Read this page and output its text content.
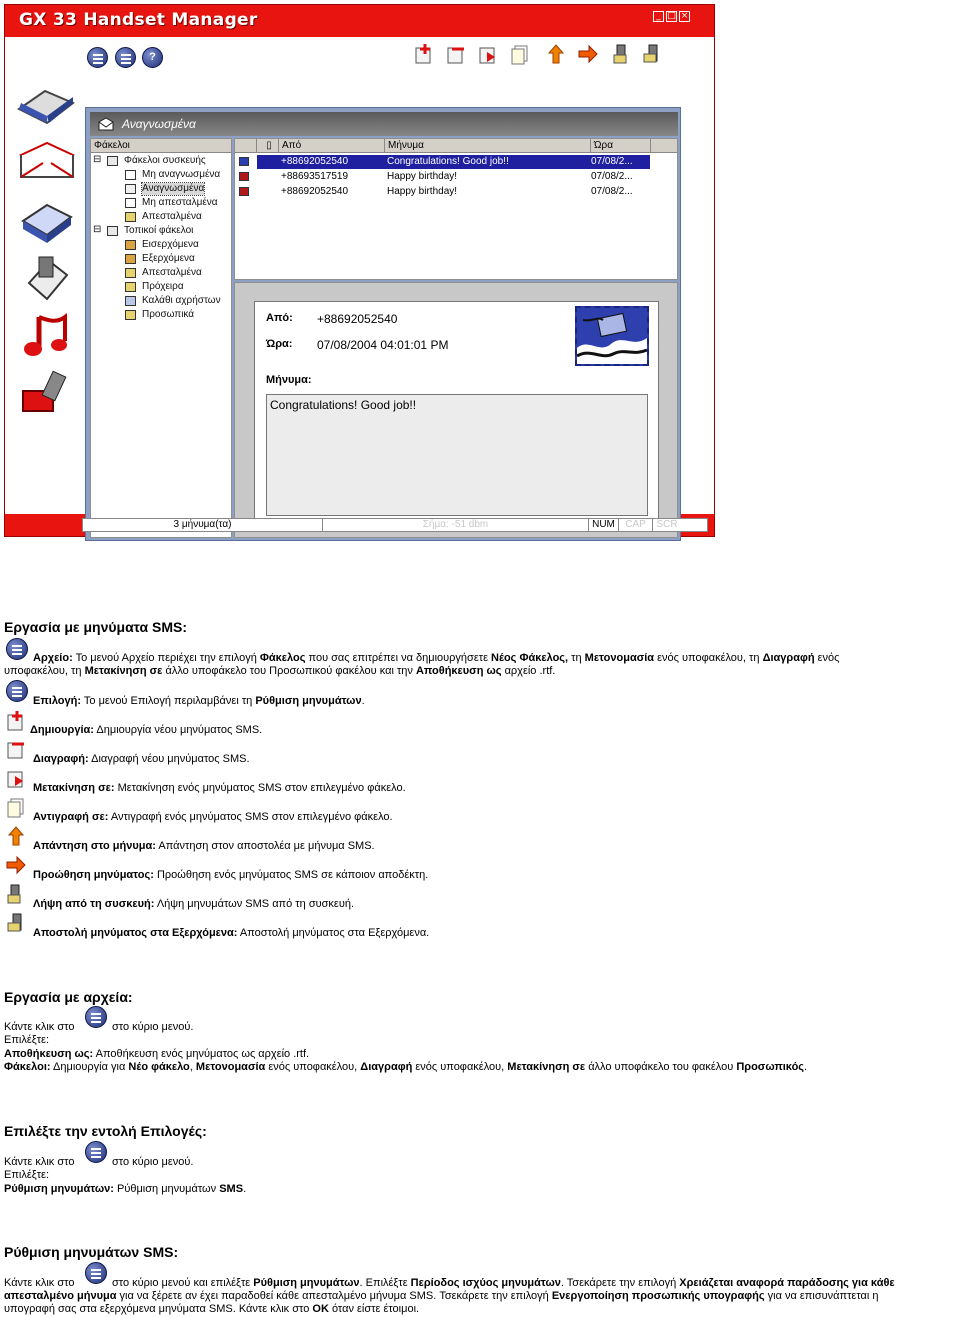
GX 33 Handset Manager	_ □ ×
?
Αναγνωσμένα
Φάκελοι
⊟ Φάκελοι συσκευής
Μη αναγνωσμένα
Αναγνωσμένα
Μη απεσταλμένα
Απεσταλμένα
⊟ Τοπικοί φάκελοι
Εισερχόμενα
Εξερχόμενα
Απεσταλμένα
Πρόχειρα
Καλάθι αχρήστων
Προσωπικά
▯	Από	Μήνυμα	Ώρα
+88692052540	Congratulations! Good job!!	07/08/2...
+88693517519	Happy birthday!	07/08/2...
+88692052540	Happy birthday!	07/08/2...
Από: +88692052540
Ώρα: 07/08/2004 04:01:01 PM
Μήνυμα:
Congratulations! Good job!!
3 μήνυμα(τα)	Σήμα: -51 dbm	NUM	CAP	SCR
Εργασία με μηνύματα SMS:
Αρχείο: Το μενού Αρχείο περιέχει την επιλογή Φάκελος που σας επιτρέπει να δημιουργήσετε Νέος Φάκελος, τη Μετονομασία ενός υποφακέλου, τη Διαγραφή ενός
υποφακέλου, τη Μετακίνηση σε άλλο υποφάκελο του Προσωπικού φακέλου και την Αποθήκευση ως αρχείο .rtf.
Επιλογή: Το μενού Επιλογή περιλαμβάνει τη Ρύθμιση μηνυμάτων.
Δημιουργία: Δημιουργία νέου μηνύματος SMS.
Διαγραφή: Διαγραφή νέου μηνύματος SMS.
Μετακίνηση σε: Μετακίνηση ενός μηνύματος SMS στον επιλεγμένο φάκελο.
Αντιγραφή σε: Αντιγραφή ενός μηνύματος SMS στον επιλεγμένο φάκελο.
Απάντηση στο μήνυμα: Απάντηση στον αποστολέα με μήνυμα SMS.
Προώθηση μηνύματος: Προώθηση ενός μηνύματος SMS σε κάποιον αποδέκτη.
Λήψη από τη συσκευή: Λήψη μηνυμάτων SMS από τη συσκευή.
Αποστολή μηνύματος στα Εξερχόμενα: Αποστολή μηνύματος στα Εξερχόμενα.
Εργασία με αρχεία:
Κάντε κλικ στο	στο κύριο μενού.
Επιλέξτε:
Αποθήκευση ως: Αποθήκευση ενός μηνύματος ως αρχείο .rtf.
Φάκελοι: Δημιουργία για Νέο φάκελο, Μετονομασία ενός υποφακέλου, Διαγραφή ενός υποφακέλου, Μετακίνηση σε άλλο υποφάκελο του φακέλου Προσωπικός.
Επιλέξτε την εντολή Επιλογές:
Κάντε κλικ στο	στο κύριο μενού.
Επιλέξτε:
Ρύθμιση μηνυμάτων: Ρύθμιση μηνυμάτων SMS.
Ρύθμιση μηνυμάτων SMS:
Κάντε κλικ στο	στο κύριο μενού και επιλέξτε Ρύθμιση μηνυμάτων. Επιλέξτε Περίοδος ισχύος μηνυμάτων. Τσεκάρετε την επιλογή Χρειάζεται αναφορά παράδοσης για κάθε
απεσταλμένο μήνυμα για να ξέρετε αν έχει παραδοθεί κάθε απεσταλμένο μήνυμα SMS. Τσεκάρετε την επιλογή Ενεργοποίηση προσωπικής υπογραφής για να επισυνάπτεται η
υπογραφή σας στα εξερχόμενα μηνύματα SMS. Κάντε κλικ στο OK όταν είστε έτοιμοι.
